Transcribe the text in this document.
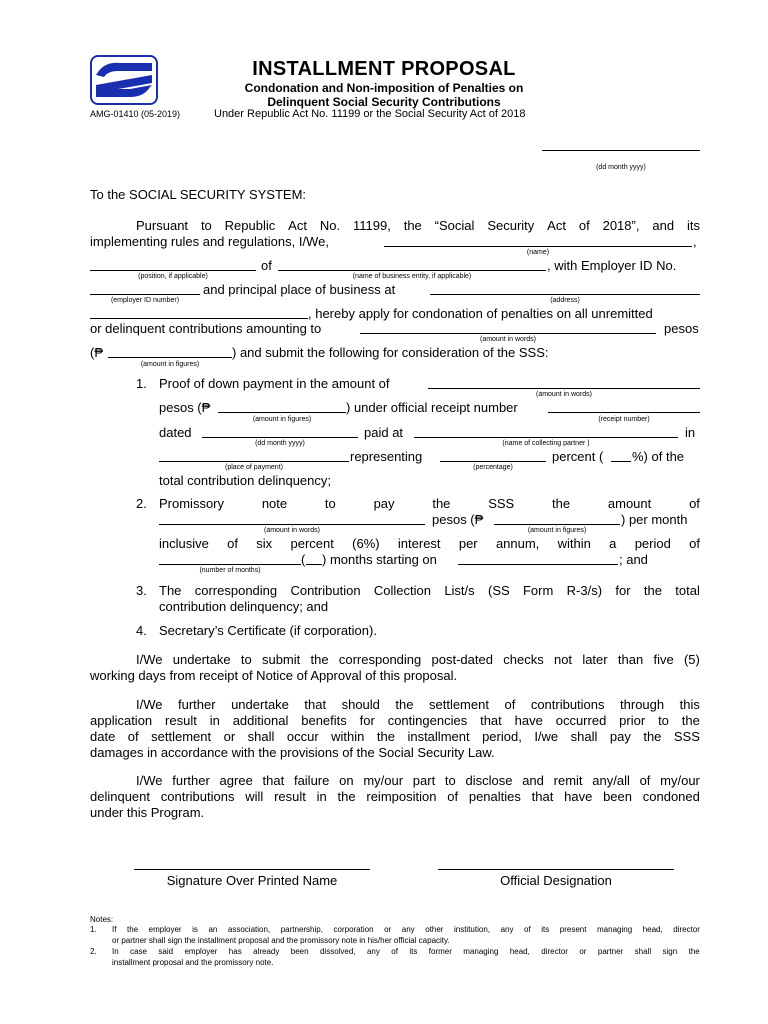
INSTALLMENT PROPOSAL
Condonation and Non-imposition of Penalties on
Delinquent Social Security Contributions
AMG-01410 (05-2019)	Under Republic Act No. 11199 or the Social Security Act of 2018
(dd month yyyy)
To the SOCIAL SECURITY SYSTEM:
Pursuant to Republic Act No. 11199, the “Social Security Act of 2018”, and its
implementing rules and regulations, I/We,	,
(name)
of	, with Employer ID No.
(position, if applicable)	(name of business entity, if applicable)
and principal place of business at
(employer ID number)	(address)
, hereby apply for condonation of penalties on all unremitted
or delinquent contributions amounting to	pesos
(amount in words)
(₱	) and submit the following for consideration of the SSS:
(amount in figures)
1. Proof of down payment in the amount of
(amount in words)
pesos (₱	) under official receipt number
(amount in figures)	(receipt number)
dated	paid at	in
(dd month yyyy)	(name of collecting partner )
representing	percent ( %) of the
(place of payment)	(percentage)
total contribution delinquency;
2. Promissory	note	to	pay	the	SSS	the	amount	of
pesos (₱	) per month
(amount in words)	(amount in figures)
inclusive of six percent (6%) interest per annum, within a period of
( ) months starting on	; and
(number of months)
3. The corresponding Contribution Collection List/s (SS Form R-3/s) for the total
contribution delinquency; and
4. Secretary’s Certificate (if corporation).
I/We undertake to submit the corresponding post-dated checks not later than five (5)
working days from receipt of Notice of Approval of this proposal.
I/We further undertake that should the settlement of contributions through this
application result in additional benefits for contingencies that have occurred prior to the
date of settlement or shall occur within the installment period, I/we shall pay the SSS
damages in accordance with the provisions of the Social Security Law.
I/We further agree that failure on my/our part to disclose and remit any/all of my/our
delinquent contributions will result in the reimposition of penalties that have been condoned
under this Program.
Signature Over Printed Name	Official Designation
Notes:
1. If the employer is an association, partnership, corporation or any other institution, any of its present managing head, director
or partner shall sign the installment proposal and the promissory note in his/her official capacity.
2. In case said employer has already been dissolved, any of its former managing head, director or partner shall sign the
installment proposal and the promissory note.
